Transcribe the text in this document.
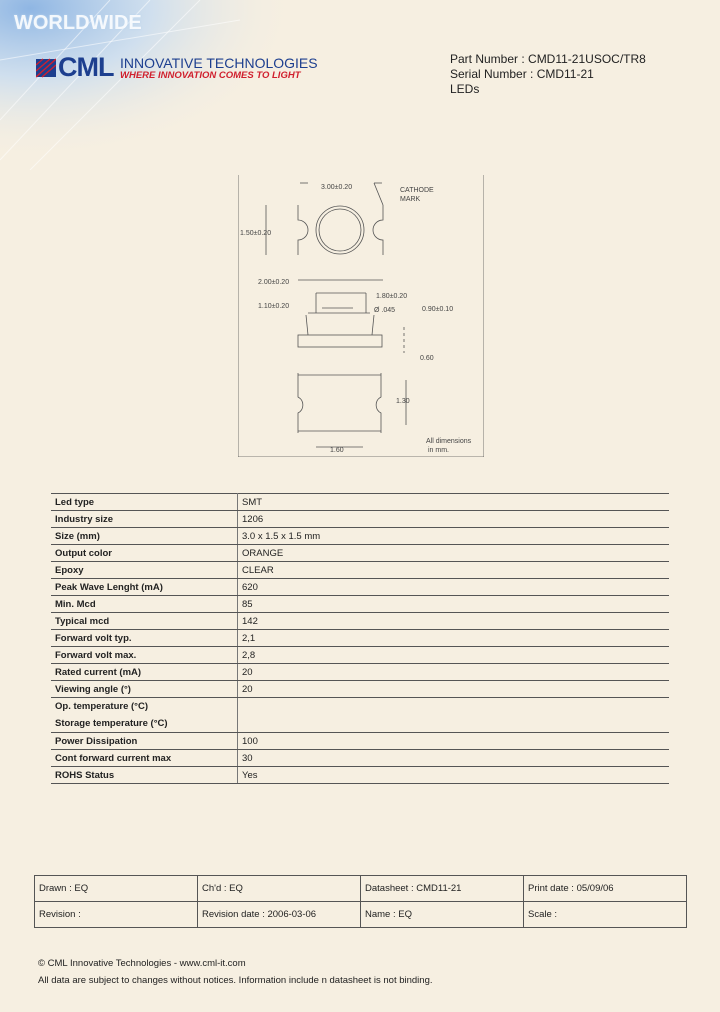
WORLDWIDE
CML INNOVATIVE TECHNOLOGIES
WHERE INNOVATION COMES TO LIGHT
Part Number : CMD11-21USOC/TR8
Serial Number : CMD11-21
LEDs
3.00±0.20	CATHODE
MARK
1.50±0.20
2.00±0.20
1.80±0.20
1.10±0.20
Ø .045	0.90±0.10
0.60
1.30
1.60
All dimensions
in mm.
Led type	SMT
Industry size	1206
Size (mm)	3.0 x 1.5 x 1.5 mm
Output color	ORANGE
Epoxy	CLEAR
Peak Wave Lenght (mA)	620
Min. Mcd	85
Typical mcd	142
Forward volt typ.	2,1
Forward volt max.	2,8
Rated current (mA)	20
Viewing angle (°)	20

Op. temperature (°C)
Storage temperature (°C)	

Power Dissipation	100
Cont forward current max	30
ROHS Status	Yes
Drawn : EQ	Ch'd : EQ	Datasheet : CMD11-21	Print date : 05/09/06
Revision :	Revision date : 2006-03-06	Name : EQ	Scale :
© CML Innovative Technologies - www.cml-it.com
All data are subject to changes without notices. Information include n datasheet is not binding.
